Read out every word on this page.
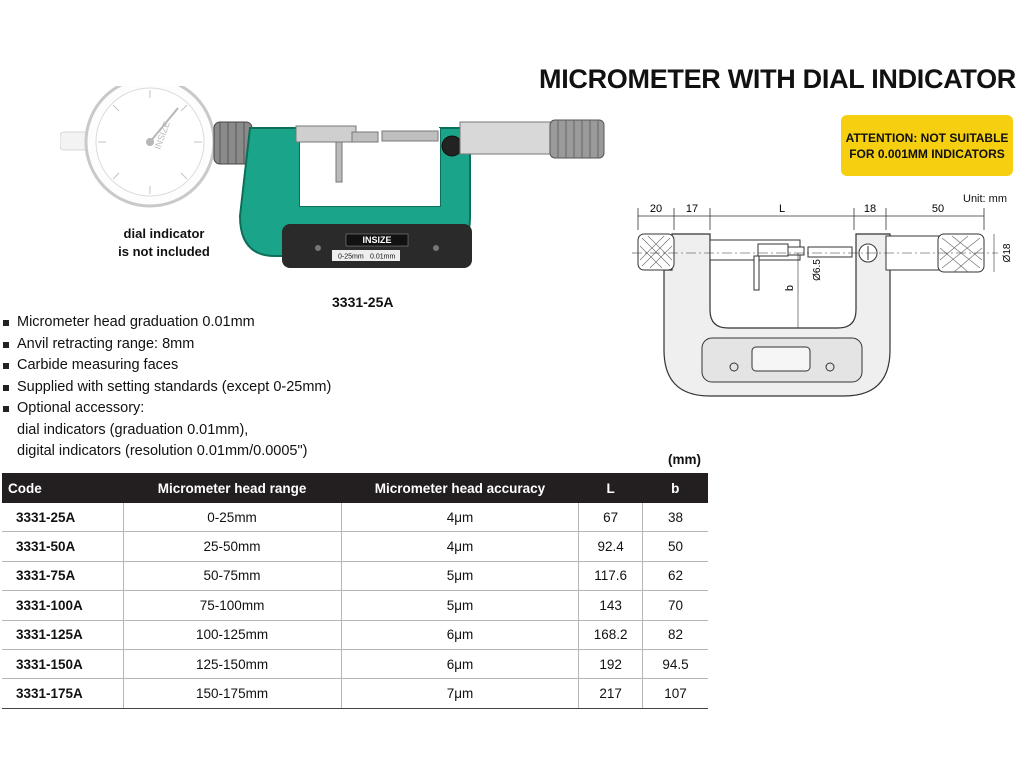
MICROMETER WITH DIAL INDICATOR
ATTENTION: NOT SUITABLE
FOR 0.001MM INDICATORS
INSIZE
INSIZE
0-25mm 0.01mm
dial indicator
is not included
3331-25A
Micrometer head graduation 0.01mm
Anvil retracting range: 8mm
Carbide measuring faces
Supplied with setting standards (except 0-25mm)
Optional accessory:
dial indicators (graduation 0.01mm),
digital indicators (resolution 0.01mm/0.0005")
Unit: mm
20 17	L	18	50
b
Ø6.5
Ø18
(mm)
Code	Micrometer head range	Micrometer head accuracy	L	b
3331-25A	0-25mm	4μm	67	38
3331-50A	25-50mm	4μm	92.4	50
3331-75A	50-75mm	5μm	117.6	62
3331-100A	75-100mm	5μm	143	70
3331-125A	100-125mm	6μm	168.2	82
3331-150A	125-150mm	6μm	192	94.5
3331-175A	150-175mm	7μm	217	107
